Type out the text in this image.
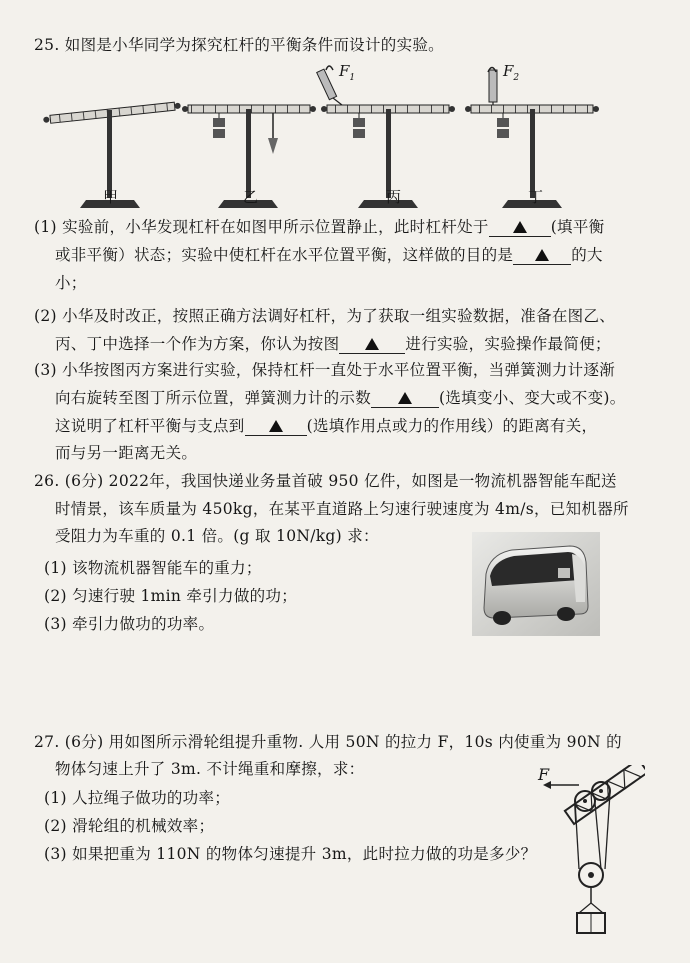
25. 如图是小华同学为探究杠杆的平衡条件而设计的实验。
$F_1$	$F_2$
甲	乙	丙	丁
(1) 实验前，小华发现杠杆在如图甲所示位置静止，此时杠杆处于	(填平衡
或非平衡）状态；实验中使杠杆在水平位置平衡，这样做的目的是	的大
小；
(2) 小华及时改正，按照正确方法调好杠杆，为了获取一组实验数据，准备在图乙、
丙、丁中选择一个作为方案，你认为按图	进行实验，实验操作最简便；
(3) 小华按图丙方案进行实验，保持杠杆一直处于水平位置平衡，当弹簧测力计逐渐
向右旋转至图丁所示位置，弹簧测力计的示数	(选填变小、变大或不变)。
这说明了杠杆平衡与支点到	(选填作用点或力的作用线）的距离有关，
而与另一距离无关。
26. (6分) 2022年，我国快递业务量首破 950 亿件，如图是一物流机器智能车配送
时情景，该车质量为 450kg，在某平直道路上匀速行驶速度为 4m/s，已知机器所
受阻力为车重的 0.1 倍。(g 取 10N/kg) 求：
(1) 该物流机器智能车的重力；
(2) 匀速行驶 1min 牵引力做的功；
(3) 牵引力做功的功率。
27. (6分) 用如图所示滑轮组提升重物. 人用 50N 的拉力 F，10s 内使重为 90N 的
物体匀速上升了 3m. 不计绳重和摩擦，求：
(1) 人拉绳子做功的功率；
(2) 滑轮组的机械效率；
(3) 如果把重为 110N 的物体匀速提升 3m，此时拉力做的功是多少？
F
